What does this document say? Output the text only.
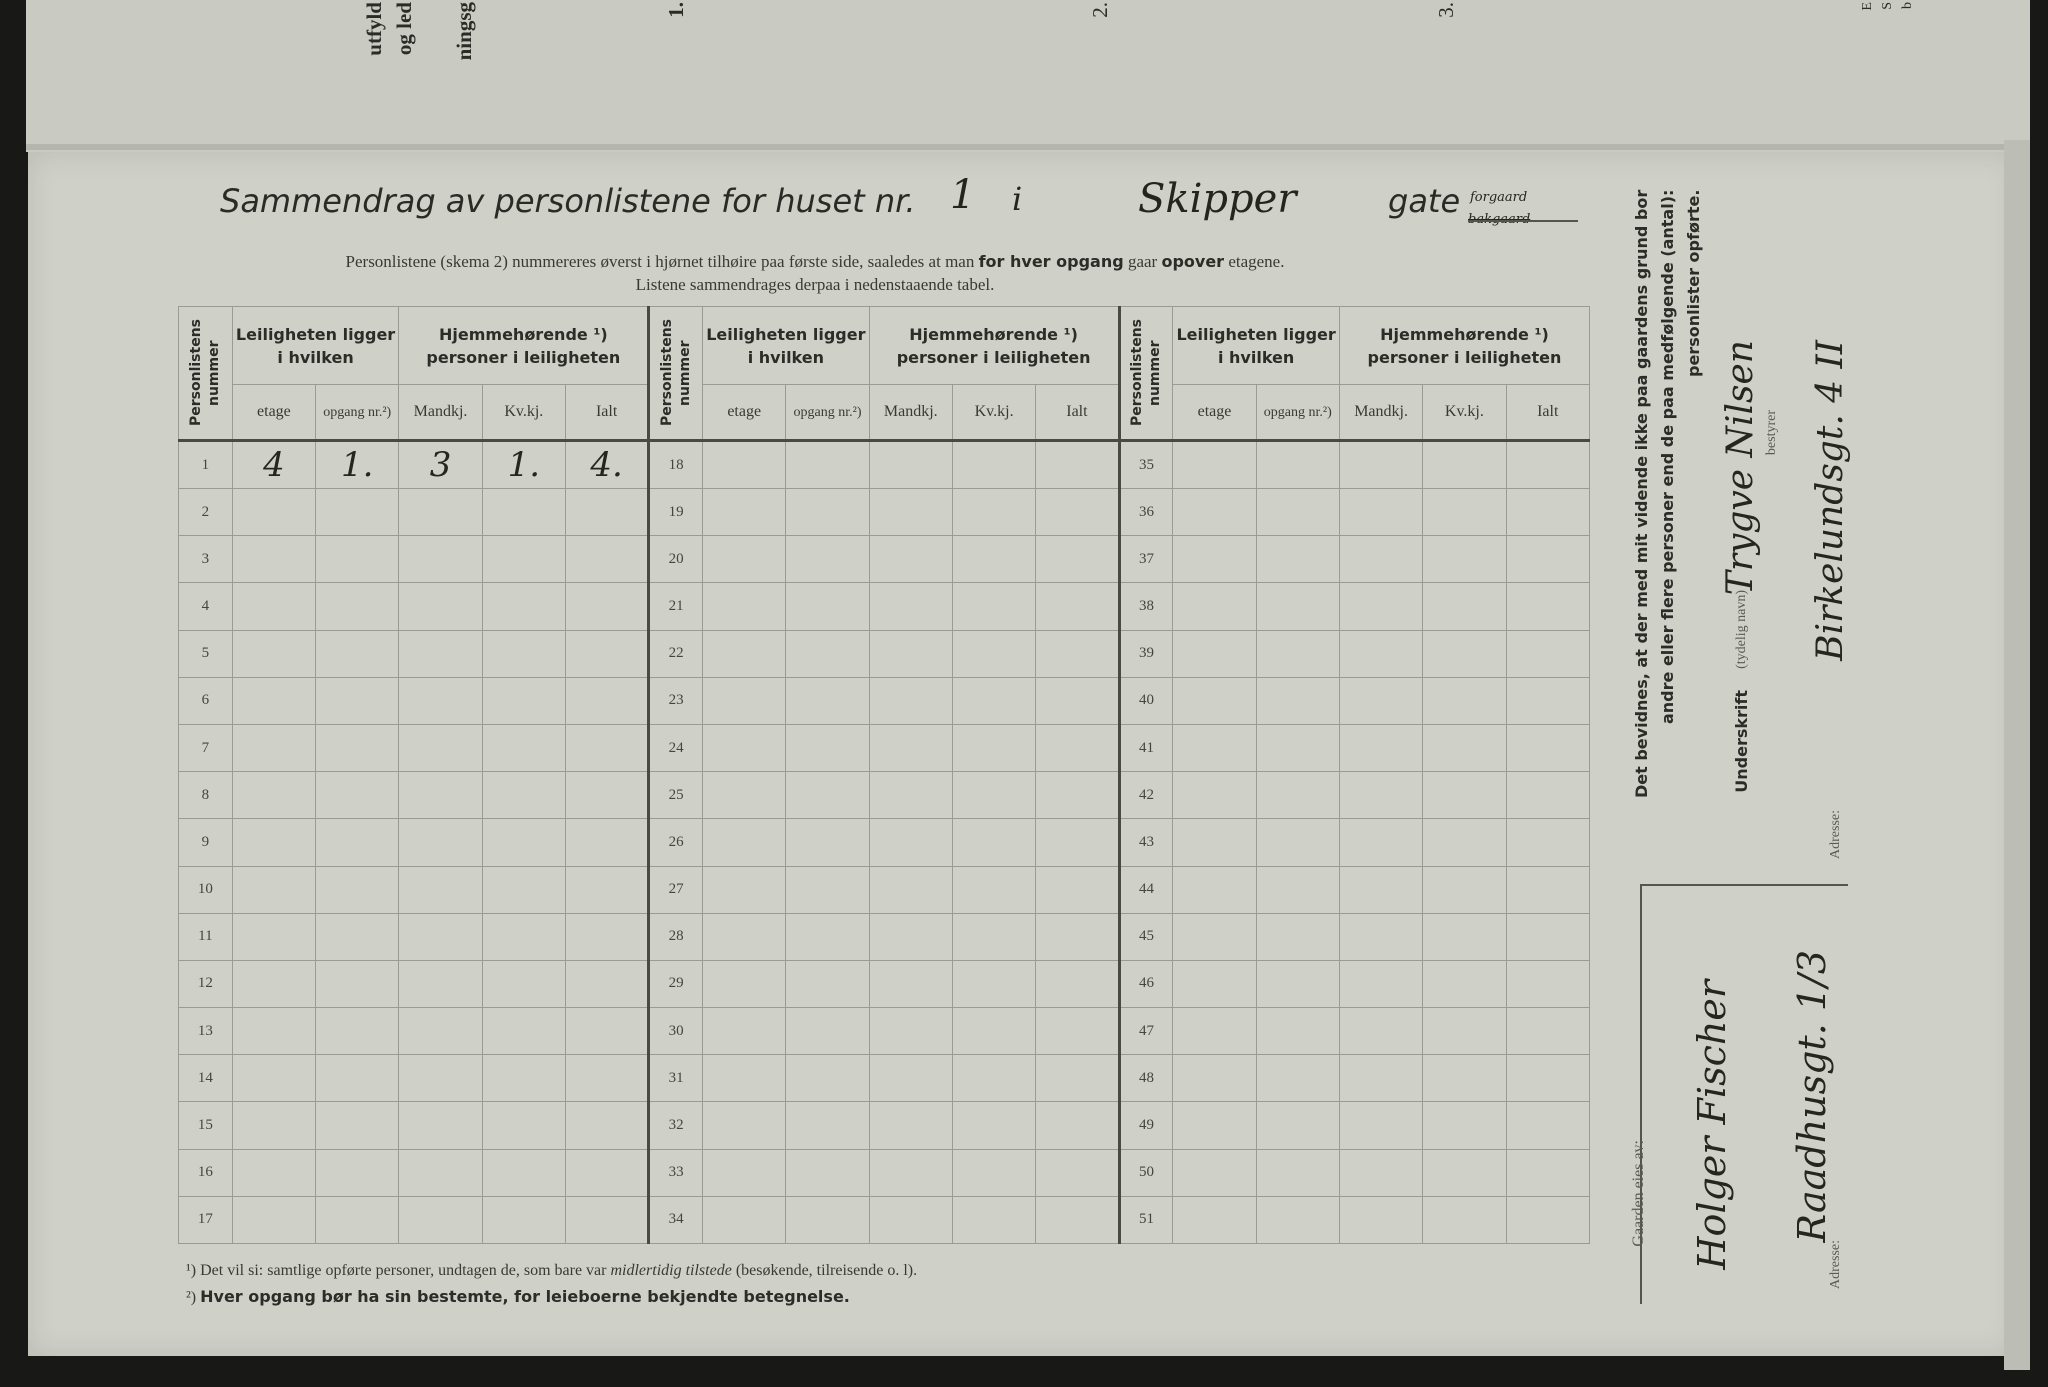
utfyld og led ningsg	1.	2.	3.	E S b
Sammendrag av personlistene for huset nr. 1 i	Skipper	gate forgaard
Personlistene (skema 2) nummereres øverst i hjørnet tilhøire paa første side, saaledes at man for hver opgang gaar opover etagene.
Listene sammendrages derpaa i nedenstaaende tabel.
Personlistens nummer	Leiligheten ligger i hvilken		Hjemmehørende ¹) personer i leiligheten			Personlistens nummer	Leiligheten ligger i hvilken		Hjemmehørende ¹) personer i leiligheten			Personlistens nummer	Leiligheten ligger i hvilken		Hjemmehørende ¹) personer i leiligheten		
	etage	opgang nr.²)	Mandkj.	Kv.kj.	Ialt		etage	opgang nr.²)	Mandkj.	Kv.kj.	Ialt		etage	opgang nr.²)	Mandkj.	Kv.kj.	Ialt
1	4	1.	3	1.	4.	18						35					
2						19						36					
3						20						37					
4						21						38					
5						22						39					
6						23						40					
7						24						41					
8						25						42					
9						26						43					
10						27						44					
11						28						45					
12						29						46					
13						30						47					
14						31						48					
15						32						49					
16						33						50					
17						34						51					
¹) Det vil si: samtlige opførte personer, undtagen de, som bare var midlertidig tilstede (besøkende, tilreisende o. l).
²) Hver opgang bør ha sin bestemte, for leieboerne bekjendte betegnelse.
Det bevidnes, at der med mit vidende ikke paa gaardens grund bor andre eller flere personer end de paa medfølgende (antal): personlister opførte.
Underskrift
(tydelig navn)
Trygve Nilsen bestyrer
Adresse:
Birkelundsgt. 4 II
Gaarden eies av: Holger Fischer	Adresse:
Raadhusgt. 1/3
